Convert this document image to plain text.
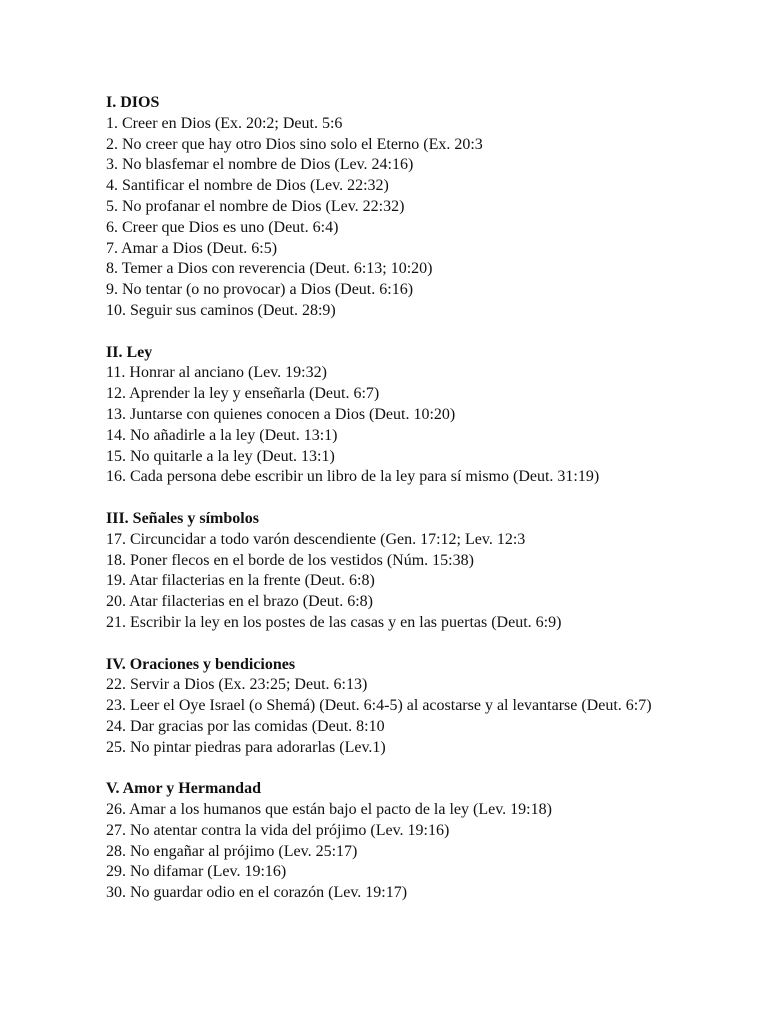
I. DIOS
1. Creer en Dios (Ex. 20:2; Deut. 5:6
2. No creer que hay otro Dios sino solo el Eterno (Ex. 20:3
3. No blasfemar el nombre de Dios (Lev. 24:16)
4. Santificar el nombre de Dios (Lev. 22:32)
5. No profanar el nombre de Dios (Lev. 22:32)
6. Creer que Dios es uno (Deut. 6:4)
7. Amar a Dios (Deut. 6:5)
8. Temer a Dios con reverencia (Deut. 6:13; 10:20)
9. No tentar (o no provocar) a Dios (Deut. 6:16)
10. Seguir sus caminos (Deut. 28:9)
II. Ley
11. Honrar al anciano (Lev. 19:32)
12. Aprender la ley y enseñarla (Deut. 6:7)
13. Juntarse con quienes conocen a Dios (Deut. 10:20)
14. No añadirle a la ley (Deut. 13:1)
15. No quitarle a la ley (Deut. 13:1)
16. Cada persona debe escribir un libro de la ley para sí mismo (Deut. 31:19)
III. Señales y símbolos
17. Circuncidar a todo varón descendiente (Gen. 17:12; Lev. 12:3
18. Poner flecos en el borde de los vestidos (Núm. 15:38)
19. Atar filacterias en la frente (Deut. 6:8)
20. Atar filacterias en el brazo (Deut. 6:8)
21. Escribir la ley en los postes de las casas y en las puertas (Deut. 6:9)
IV. Oraciones y bendiciones
22. Servir a Dios (Ex. 23:25; Deut. 6:13)
23. Leer el Oye Israel (o Shemá) (Deut. 6:4-5) al acostarse y al levantarse (Deut. 6:7)
24. Dar gracias por las comidas (Deut. 8:10
25. No pintar piedras para adorarlas (Lev.1)
V. Amor y Hermandad
26. Amar a los humanos que están bajo el pacto de la ley (Lev. 19:18)
27. No atentar contra la vida del prójimo (Lev. 19:16)
28. No engañar al prójimo (Lev. 25:17)
29. No difamar (Lev. 19:16)
30. No guardar odio en el corazón (Lev. 19:17)
